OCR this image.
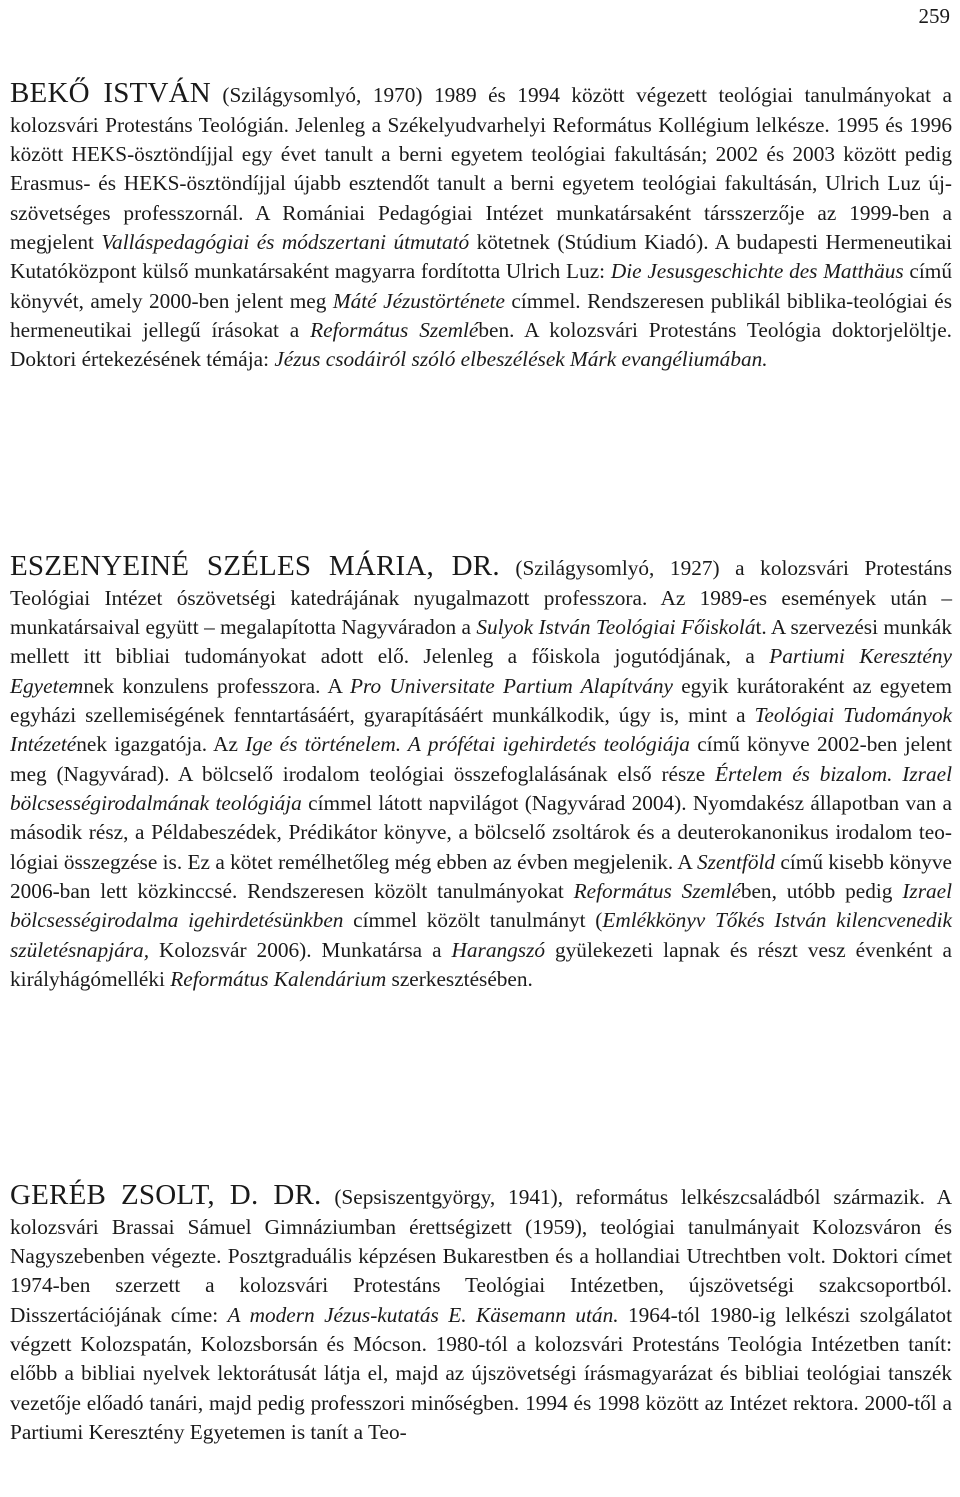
259

BEKŐ ISTVÁN (Szilágysomlyó, 1970) 1989 és 1994 között végezett teológiai tanulmányokat a kolozsvári Protestáns Teológián. Jelenleg a Székelyudvarhelyi Református Kollégium lelkésze. 1995 és 1996 között HEKS-ösztöndíjjal egy évet tanult a berni egyetem teológiai fakultásán; 2002 és 2003 között pedig Erasmus- és HEKS-ösztöndíjjal újabb esztendőt tanult a berni egyetem teológiai fakultásán, Ulrich Luz újszövetséges professzornál. A Romániai Pedagógiai Intézet munkatársaként társszerzője az 1999-ben a megjelent Valláspedagógiai és módszertani útmutató kötetnek (Stúdium Kiadó). A budapesti Hermeneutikai Kutatóközpont külső munkatársaként magyarra fordította Ulrich Luz: Die Jesusgeschichte des Matthäus című könyvét, amely 2000-ben jelent meg Máté Jézustörténete címmel. Rendszeresen publikál biblika-teológiai és hermeneutikai jellegű írásokat a Református Szemlében. A kolozsvári Protestáns Teológia doktorjelöltje. Doktori értekezésének témája: Jézus csodáiról szóló elbeszélések Márk evangéliumában.

ESZENYEINÉ SZÉLES MÁRIA, DR. (Szilágysomlyó, 1927) a kolozsvári Protestáns Teológiai Intézet ószövetségi katedrájának nyugalmazott professzora. Az 1989-es események után – munkatársaival együtt – megalapította Nagyváradon a Sulyok István Teológiai Főiskolát. A szervezési munkák mellett itt bibliai tudományokat adott elő. Jelenleg a főiskola jogutódjának, a Partiumi Keresztény Egyetemnek konzulens professzora. A Pro Universitate Partium Alapítvány egyik kurátoraként az egyetem egyházi szellemiségének fenntartásáért, gyarapításáért munkálkodik, úgy is, mint a Teológiai Tudományok Intézetének igazgatója. Az Ige és történelem. A prófétai igehirdetés teológiája című könyve 2002-ben jelent meg (Nagyvárad). A bölcselő irodalom teológiai összefoglalásának első része Értelem és bizalom. Izrael bölcsességirodalmának teológiája címmel látott napvilágot (Nagyvárad 2004). Nyomdakész állapotban van a második rész, a Példabeszédek, Prédikátor könyve, a bölcselő zsoltárok és a deuterokanonikus irodalom teológiai összegzése is. Ez a kötet remélhetőleg még ebben az évben megjelenik. A Szentföld című kisebb könyve 2006-ban lett közkinccsé. Rendszeresen közölt tanulmányokat Református Szemlében, utóbb pedig Izrael bölcsességirodalma igehirdetésünkben címmel közölt tanulmányt (Emlékkönyv Tőkés István kilencvenedik születésnapjára, Kolozsvár 2006). Munkatársa a Harangszó gyülekezeti lapnak és részt vesz évenként a királyhágómelléki Református Kalendárium szerkesztésében.

GERÉB ZSOLT, D. DR. (Sepsiszentgyörgy, 1941), református lelkészcsaládból származik. A kolozsvári Brassai Sámuel Gimnáziumban érettségizett (1959), teológiai tanulmányait Kolozsváron és Nagyszebenben végezte. Posztgraduális képzésen Bukarestben és a hollandiai Utrechtben volt. Doktori címet 1974-ben szerzett a kolozsvári Protestáns Teológiai Intézetben, újszövetségi szakcsoportból. Disszertációjának címe: A modern Jézus-kutatás E. Käsemann után. 1964-tól 1980-ig lelkészi szolgálatot végzett Kolozspatán, Kolozsborsán és Mócson. 1980-tól a kolozsvári Protestáns Teológia Intézetben tanít: előbb a bibliai nyelvek lektorátusát látja el, majd az újszövetségi írásmagyarázat és bibliai teológiai tanszék vezetője előadó tanári, majd pedig professzori minőségben. 1994 és 1998 között az Intézet rektora. 2000-től a Partiumi Keresztény Egyetemen is tanít a Teo-
